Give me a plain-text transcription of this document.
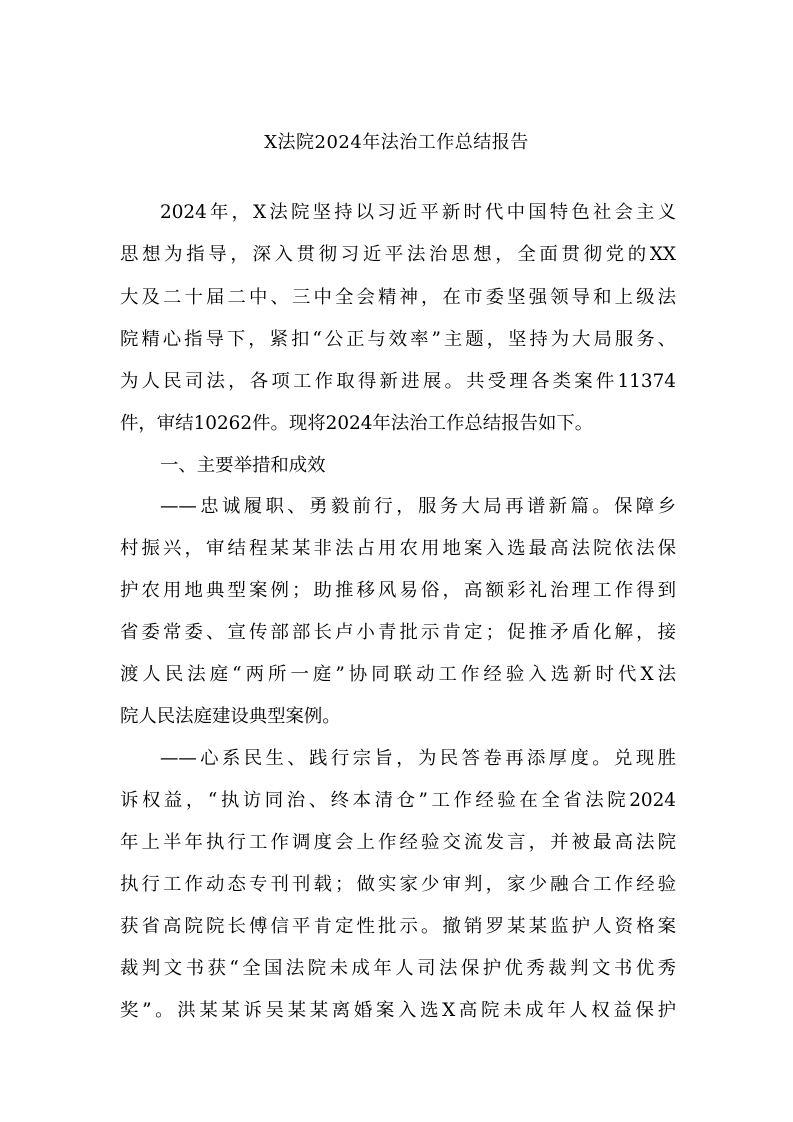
X法院2024年法治工作总结报告
2024年，X法院坚持以习近平新时代中国特色社会主义
思想为指导，深入贯彻习近平法治思想，全面贯彻党的XX
大及二十届二中、三中全会精神，在市委坚强领导和上级法
院精心指导下，紧扣“公正与效率”主题，坚持为大局服务、
为人民司法，各项工作取得新进展。共受理各类案件11374
件，审结10262件。现将2024年法治工作总结报告如下。
一、主要举措和成效
——忠诚履职、勇毅前行，服务大局再谱新篇。保障乡
村振兴，审结程某某非法占用农用地案入选最高法院依法保
护农用地典型案例；助推移风易俗，高额彩礼治理工作得到
省委常委、宣传部部长卢小青批示肯定；促推矛盾化解，接
渡人民法庭“两所一庭”协同联动工作经验入选新时代X法
院人民法庭建设典型案例。
——心系民生、践行宗旨，为民答卷再添厚度。兑现胜
诉权益，“执访同治、终本清仓”工作经验在全省法院2024
年上半年执行工作调度会上作经验交流发言，并被最高法院
执行工作动态专刊刊载；做实家少审判，家少融合工作经验
获省高院院长傅信平肯定性批示。撤销罗某某监护人资格案
裁判文书获“全国法院未成年人司法保护优秀裁判文书优秀
奖”。洪某某诉吴某某离婚案入选X高院未成年人权益保护
